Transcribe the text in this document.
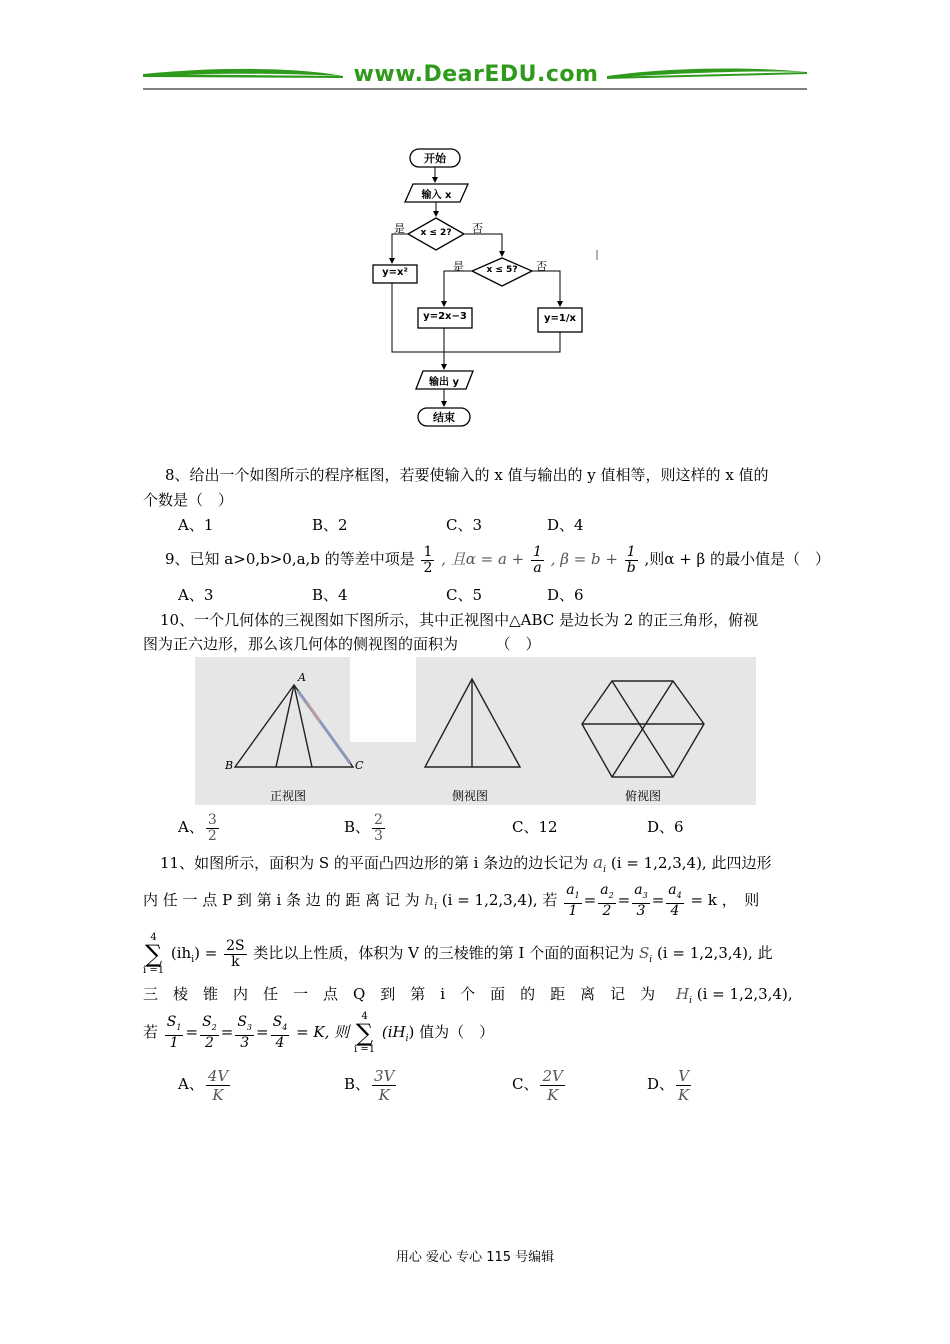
www.DearEDU.com
开始
输入 x
x ≤ 2?
是	否
x ≤ 5?
是	否
y=x²
y=2x−3	y=1/x
输出 y
结束
8、给出一个如图所示的程序框图，若要使输入的 x 值与输出的 y 值相等，则这样的 x 值的
个数是（　）
A、1	B、2	C、3	D、4
9、已知 a>0,b>0,a,b 的等差中项是 $\frac{1}{2}$ , 且$\alpha = a + \frac{1}{a}$ , $\beta = b + \frac{1}{b}$ ,则α + β 的最小值是（　）
A、3	B、4	C、5	D、6
10、一个几何体的三视图如下图所示，其中正视图中△ABC 是边长为 2 的正三角形，俯视
图为正六边形，那么该几何体的侧视图的面积为　　　（　）
A
B	C
正视图	侧视图	俯视图
A、 $\frac{3}{2}$	B、 $\frac{2}{3}$	C、12	D、6
11、如图所示，面积为 S 的平面凸四边形的第 i 条边的边长记为 $a_i$ (i = 1,2,3,4), 此四边形
内 任 一 点 P 到 第 i 条 边 的 距 离 记 为 $h_i$ (i = 1,2,3,4), 若 $\frac{a_1}{1} = \frac{a_2}{2} = \frac{a_3}{3} = \frac{a_4}{4} = k$ ，　则
4
∑
i =1
$(ih_i) = \frac{2S}{k}$ 类比以上性质，体积为 V 的三棱锥的第 I 个面的面积记为 $S_i$ (i = 1,2,3,4), 此
三　棱　锥　内　任　一　点　Q　到　第　i　个　面　的　距　离　记　为 $H_i$ (i = 1,2,3,4),
若 $\frac{S_1}{1} = \frac{S_2}{2} = \frac{S_3}{3} = \frac{S_4}{4} = K$, 则
4
∑
i =1
$(iH_i)$ 值为（　）
A、 $\frac{4V}{K}$	B、 $\frac{3V}{K}$	C、 $\frac{2V}{K}$	D、 $\frac{V}{K}$
用心 爱心 专心 115 号编辑
